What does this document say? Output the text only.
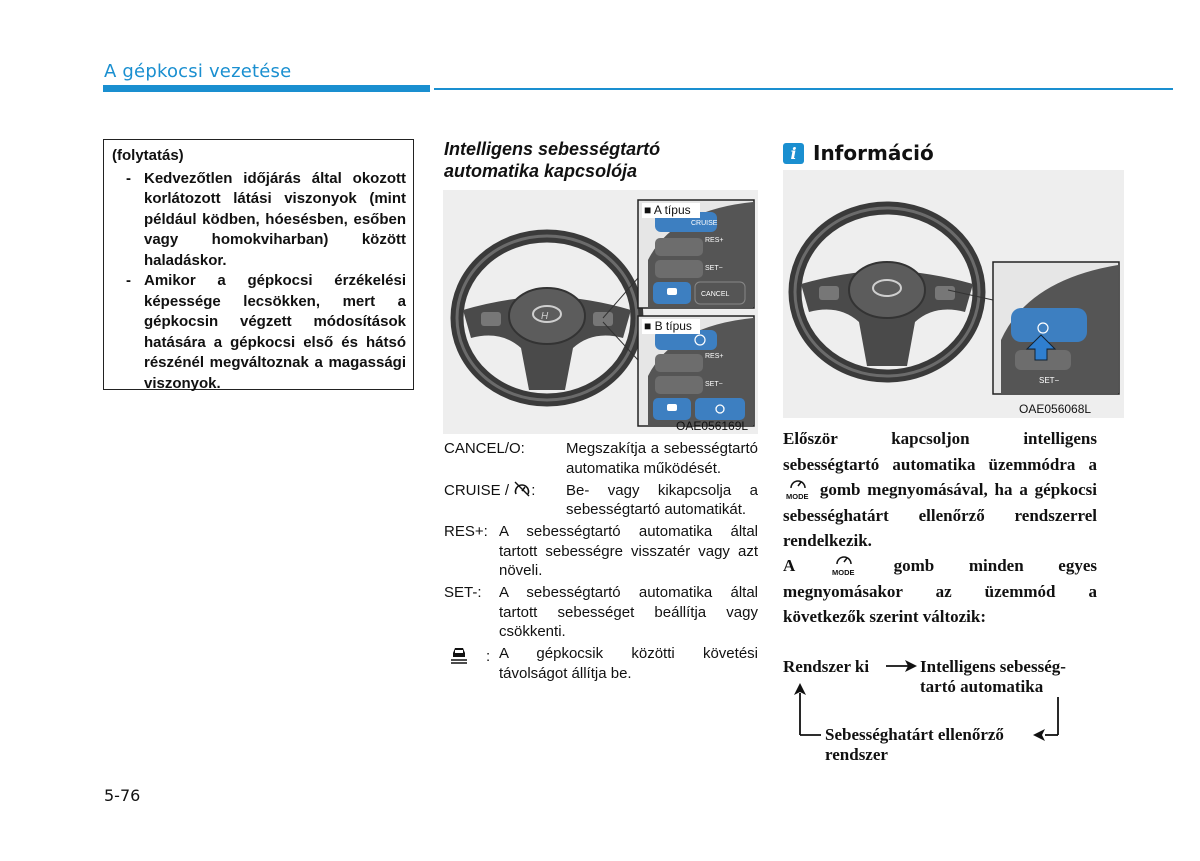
A gépkocsi vezetése
(folytatás)
- Kedvezőtlen időjárás által okozott korlátozott látási viszonyok (mint például ködben, hóesésben, esőben vagy homokviharban) között haladáskor.
- Amikor a gépkocsi érzékelési képessége lecsökken, mert a gépkocsin végzett módosítások hatására a gépkocsi első és hátsó részénél megváltoznak a magassági viszonyok.
Intelligens sebességtartó automatika kapcsolója
H
CRUISE
RES+
SET−
CANCEL
RES+
SET−
■ A típus
■ B típus
OAE056169L
CANCEL/O:	Megszakítja a sebességtartó automatika működését.
CRUISE / :	Be- vagy kikapcsolja a sebességtartó automatikát.
RES+: A sebességtartó automatika által tartott sebességre visszatér vagy azt növeli.
SET-:	A sebességtartó automatika által tartott sebességet beállítja vagy csökkenti.
: A gépkocsik közötti követési távolságot állítja be.
i Információ
SET−
OAE056068L
Először kapcsoljon intelligens sebességtartó automatika üzemmódra a
MODE gomb megnyomásával, ha a gépkocsi sebességhatárt ellenőrző rendszerrel rendelkezik.
A	MODE gomb minden egyes megnyomásakor az üzemmód a következők szerint változik:
Rendszer ki	Intelligens sebesség-
tartó automatika
Sebességhatárt ellenőrző
rendszer
5-76
